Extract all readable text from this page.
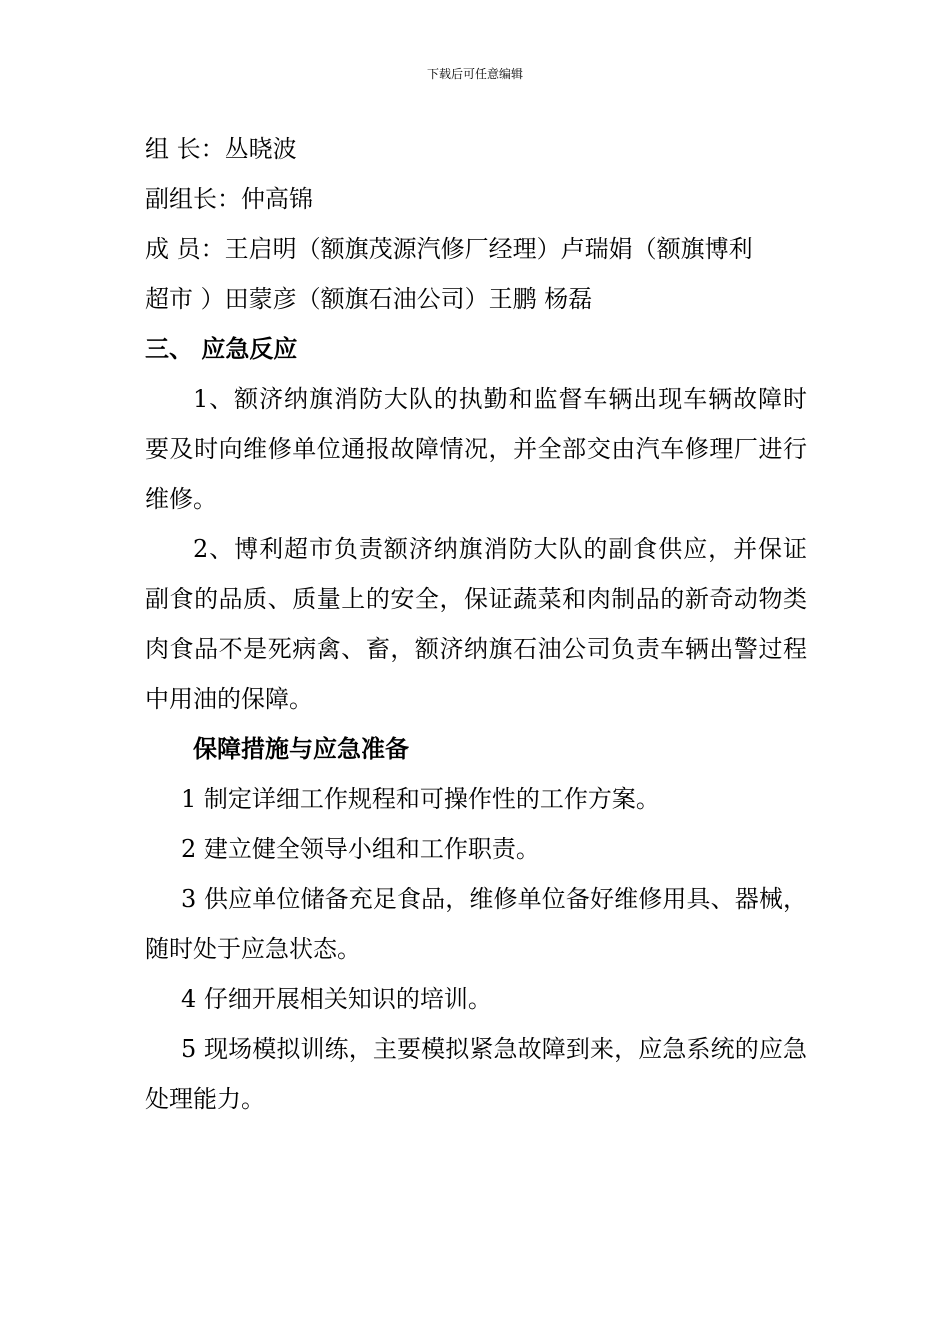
下载后可任意编辑

组 长：丛晓波

副组长：仲高锦

成 员：王启明（额旗茂源汽修厂经理）卢瑞娟（额旗博利

超市 ）田蒙彦（额旗石油公司）王鹏 杨磊

三、 应急反应

1、额济纳旗消防大队的执勤和监督车辆出现车辆故障时要及时向维修单位通报故障情况，并全部交由汽车修理厂进行维修。

2、博利超市负责额济纳旗消防大队的副食供应，并保证副食的品质、质量上的安全，保证蔬菜和肉制品的新奇动物类肉食品不是死病禽、畜，额济纳旗石油公司负责车辆出警过程中用油的保障。

保障措施与应急准备

1 制定详细工作规程和可操作性的工作方案。

2 建立健全领导小组和工作职责。

3 供应单位储备充足食品，维修单位备好维修用具、器械，随时处于应急状态。

4 仔细开展相关知识的培训。

5 现场模拟训练，主要模拟紧急故障到来，应急系统的应急处理能力。
